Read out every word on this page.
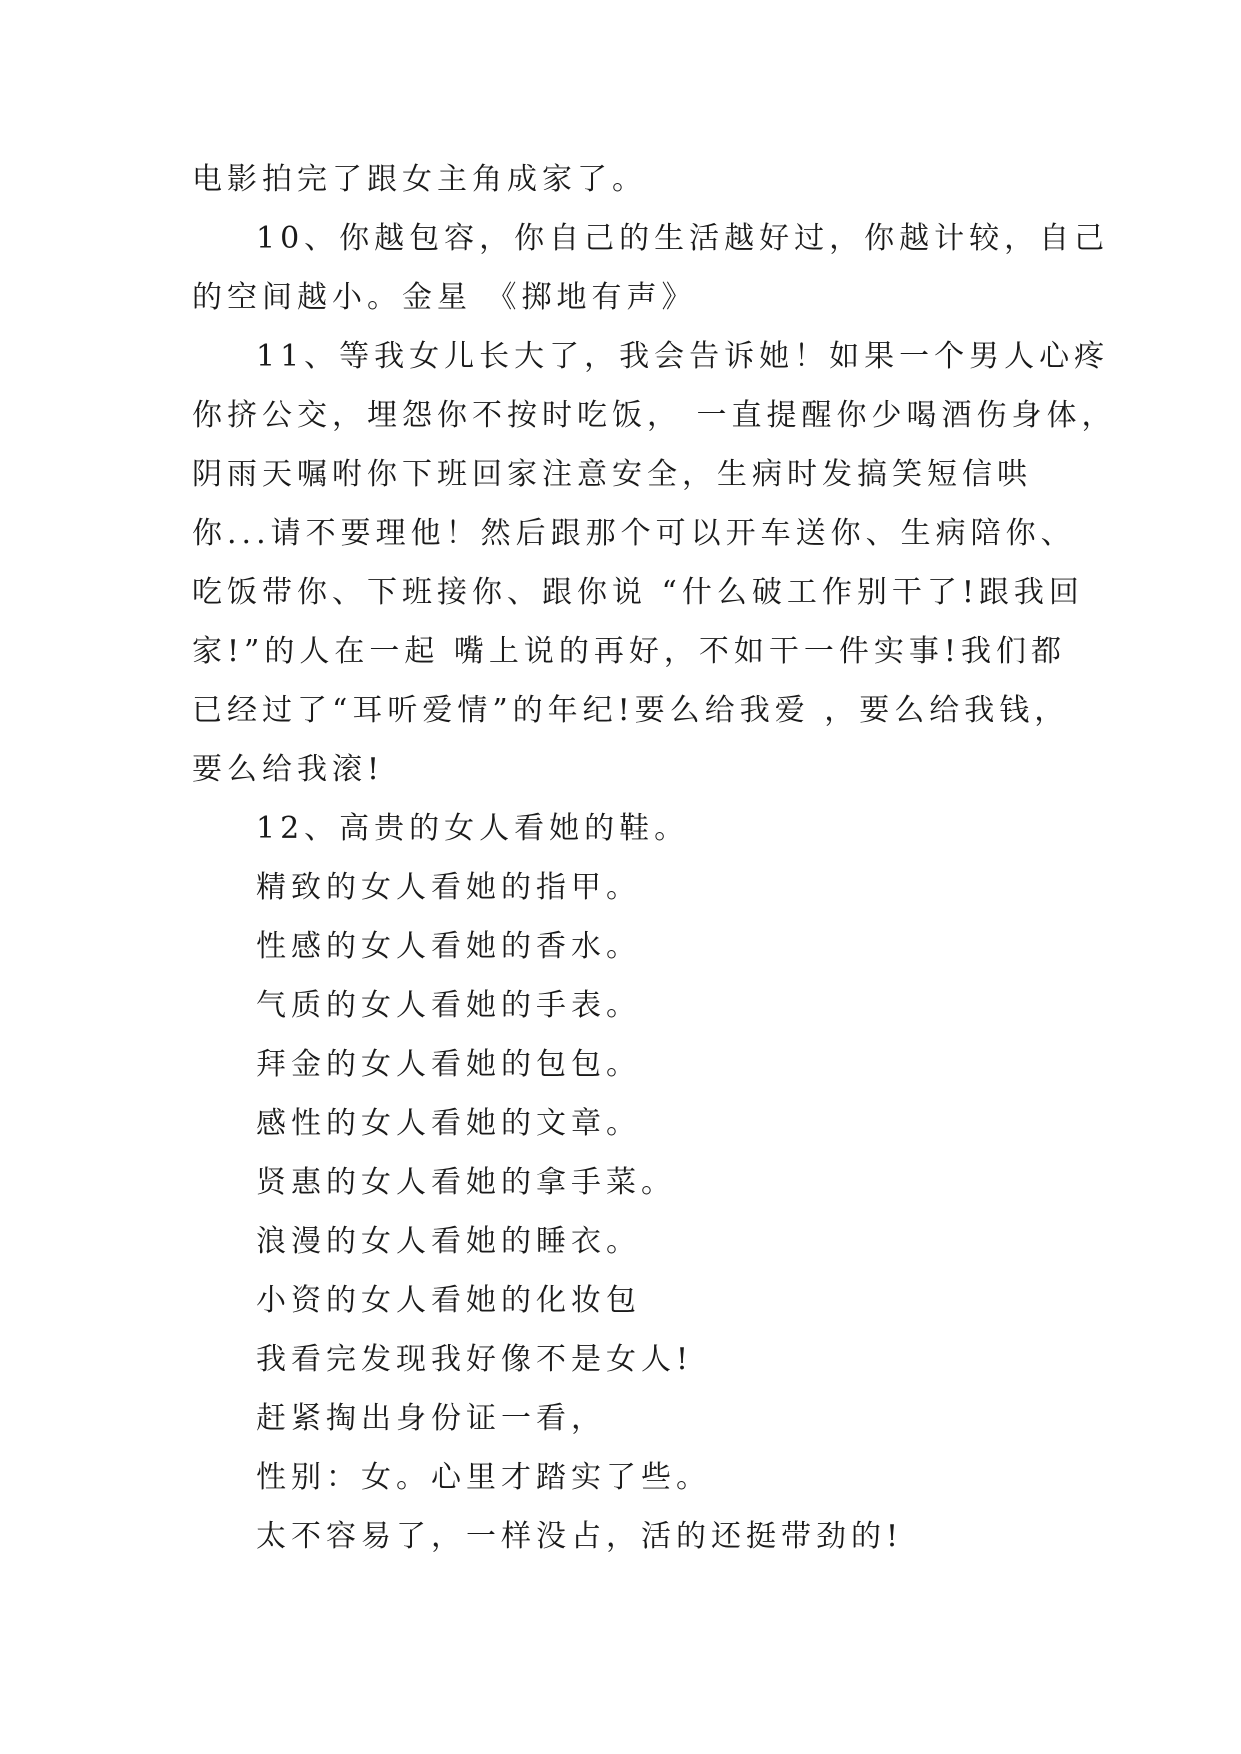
电影拍完了跟女主角成家了。
10、你越包容，你自己的生活越好过，你越计较，自己
的空间越小。金星 《掷地有声》
11、等我女儿长大了，我会告诉她！如果一个男人心疼
你挤公交，埋怨你不按时吃饭， 一直提醒你少喝酒伤身体，
阴雨天嘱咐你下班回家注意安全，生病时发搞笑短信哄
你...请不要理他！然后跟那个可以开车送你、生病陪你、
吃饭带你、下班接你、跟你说 “什么破工作别干了!跟我回
家!”的人在一起 嘴上说的再好，不如干一件实事!我们都
已经过了“耳听爱情”的年纪!要么给我爱 ，要么给我钱，
要么给我滚!
12、高贵的女人看她的鞋。
精致的女人看她的指甲。
性感的女人看她的香水。
气质的女人看她的手表。
拜金的女人看她的包包。
感性的女人看她的文章。
贤惠的女人看她的拿手菜。
浪漫的女人看她的睡衣。
小资的女人看她的化妆包
我看完发现我好像不是女人!
赶紧掏出身份证一看，
性别：女。心里才踏实了些。
太不容易了，一样没占，活的还挺带劲的!
